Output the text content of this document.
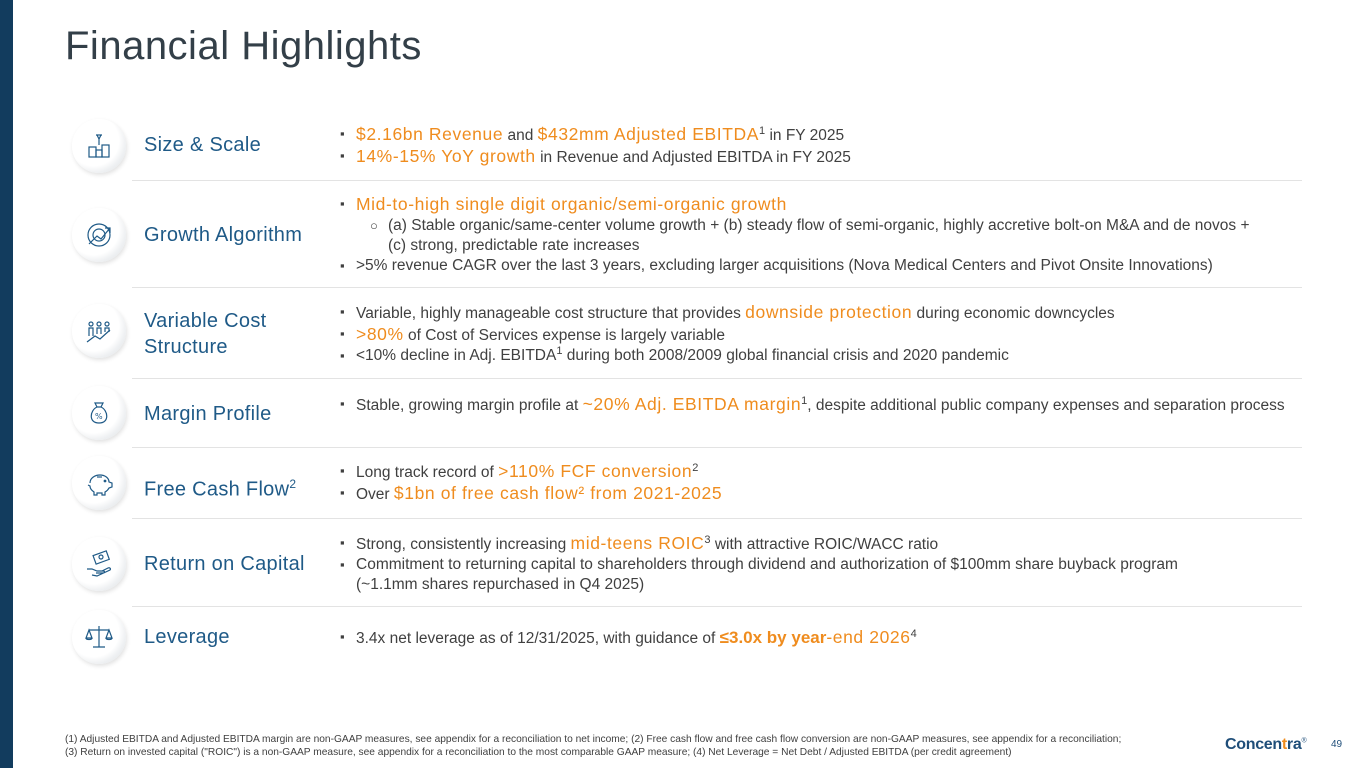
Financial Highlights
Size & Scale	▪ $2.16bn Revenue and $432mm Adjusted EBITDA$^1$ in FY 2025
▪ 14%-15% YoY growth in Revenue and Adjusted EBITDA in FY 2025
Growth Algorithm
▪ Mid-to-high single digit organic/semi-organic growth
○ (a) Stable organic/same-center volume growth + (b) steady flow of semi-organic, highly accretive bolt-on M&A and de novos + (c) strong, predictable rate increases
▪ >5% revenue CAGR over the last 3 years, excluding larger acquisitions (Nova Medical Centers and Pivot Onsite Innovations)
Variable Cost Structure
▪ Variable, highly manageable cost structure that provides downside protection during economic downcycles
▪ >80% of Cost of Services expense is largely variable
▪ <10% decline in Adj. EBITDA$^1$ during both 2008/2009 global financial crisis and 2020 pandemic
% Margin Profile	▪ Stable, growing margin profile at ~20% Adj. EBITDA margin$^1$, despite additional public company expenses and separation process
Free Cash Flow$^2$
▪ Long track record of >110% FCF conversion$^2$
▪ Over $1bn of free cash flow² from 2021-2025
Return on Capital
▪ Strong, consistently increasing mid-teens ROIC$^3$ with attractive ROIC/WACC ratio
▪ Commitment to returning capital to shareholders through dividend and authorization of $100mm share buyback program (~1.1mm shares repurchased in Q4 2025)
Leverage	▪ 3.4x net leverage as of 12/31/2025, with guidance of ≤3.0x by year-end 2026$^4$
(1) Adjusted EBITDA and Adjusted EBITDA margin are non-GAAP measures, see appendix for a reconciliation to net income; (2) Free cash flow and free cash flow conversion are non-GAAP measures, see appendix for a reconciliation;
(3) Return on invested capital ("ROIC") is a non-GAAP measure, see appendix for a reconciliation to the most comparable GAAP measure; (4) Net Leverage = Net Debt / Adjusted EBITDA (per credit agreement)	Concentra® 49
